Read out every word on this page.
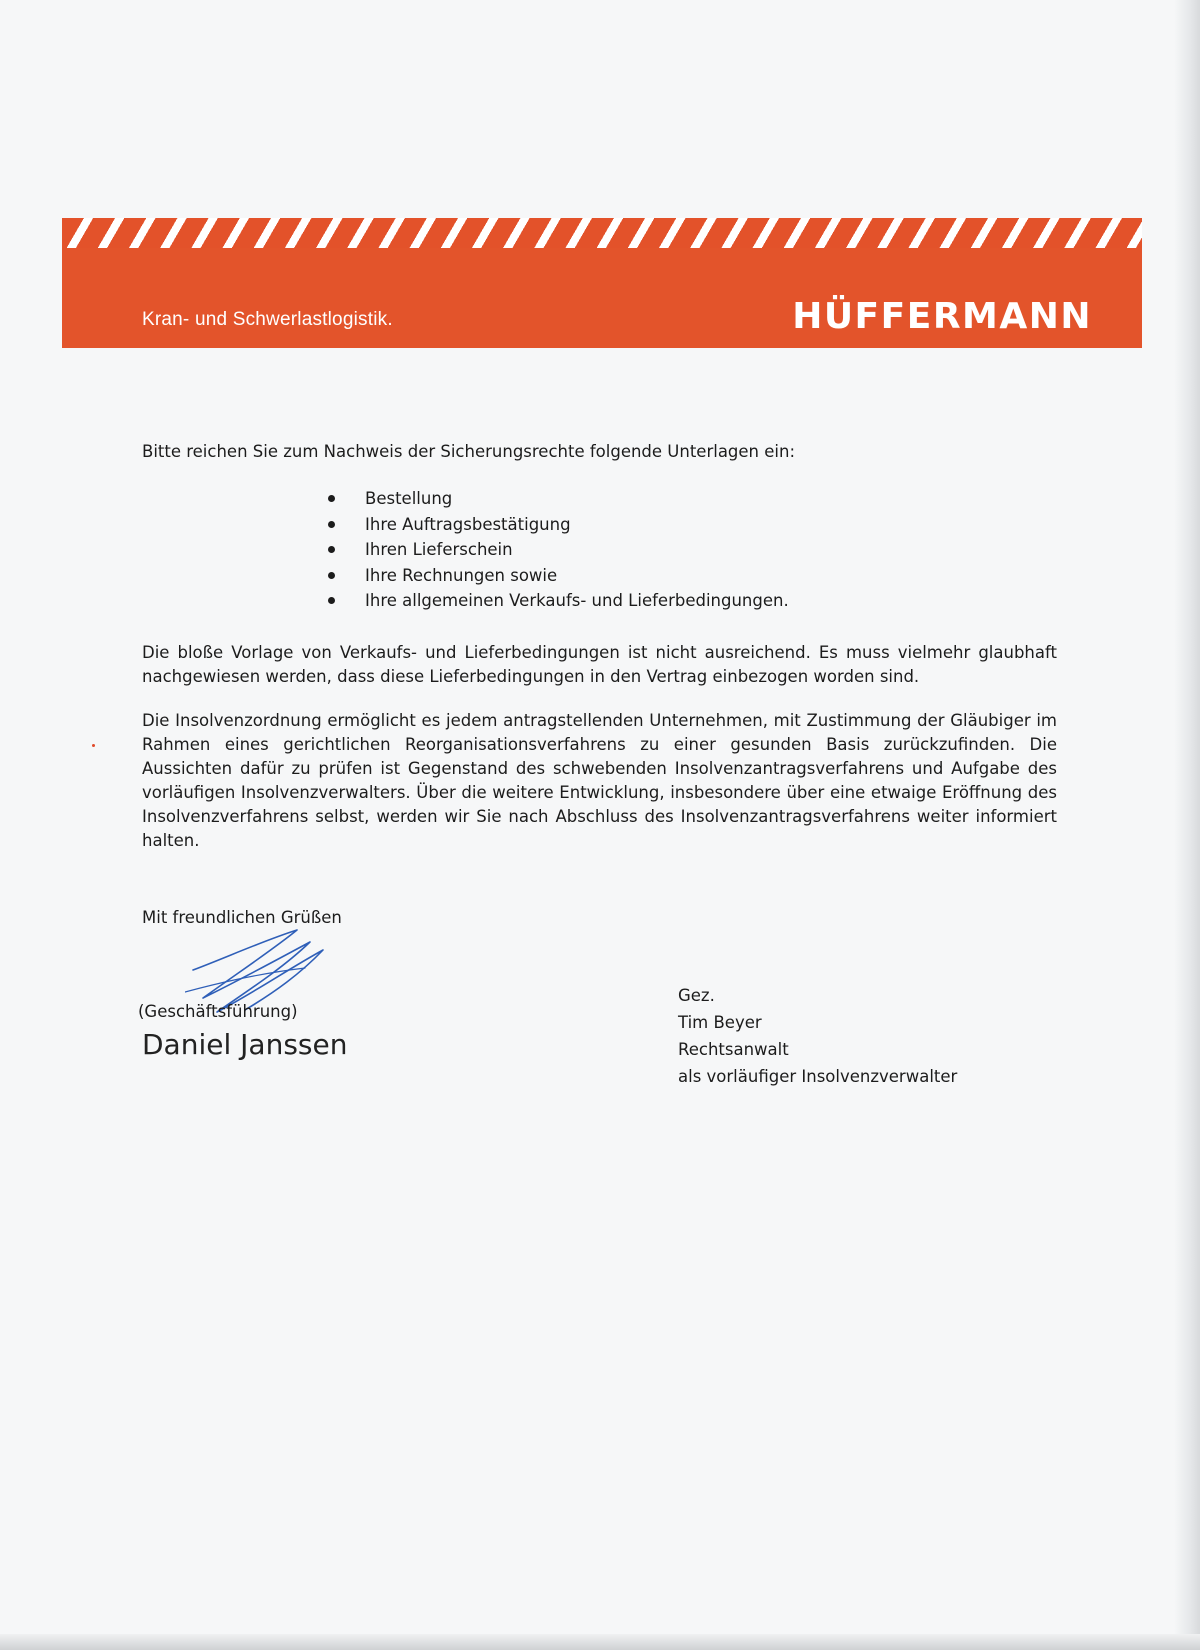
Kran- und Schwerlastlogistik.	HÜFFERMANN
Bitte reichen Sie zum Nachweis der Sicherungsrechte folgende Unterlagen ein:
Bestellung
Ihre Auftragsbestätigung
Ihren Lieferschein
Ihre Rechnungen sowie
Ihre allgemeinen Verkaufs- und Lieferbedingungen.
Die bloße Vorlage von Verkaufs- und Lieferbedingungen ist nicht ausreichend. Es muss vielmehr glaubhaft nachgewiesen werden, dass diese Lieferbedingungen in den Vertrag einbezogen worden sind.
Die Insolvenzordnung ermöglicht es jedem antragstellenden Unternehmen, mit Zustimmung der Gläubiger im Rahmen eines gerichtlichen Reorganisationsverfahrens zu einer gesunden Basis zurückzufinden. Die Aussichten dafür zu prüfen ist Gegenstand des schwebenden Insolvenzantragsverfahrens und Aufgabe des vorläufigen Insolvenzverwalters. Über die weitere Entwicklung, insbesondere über eine etwaige Eröffnung des Insolvenzverfahrens selbst, werden wir Sie nach Abschluss des Insolvenzantragsverfahrens weiter informiert halten.
Mit freundlichen Grüßen
(Geschäftsführung)
Daniel Janssen
Gez.
Tim Beyer
Rechtsanwalt
als vorläufiger Insolvenzverwalter
